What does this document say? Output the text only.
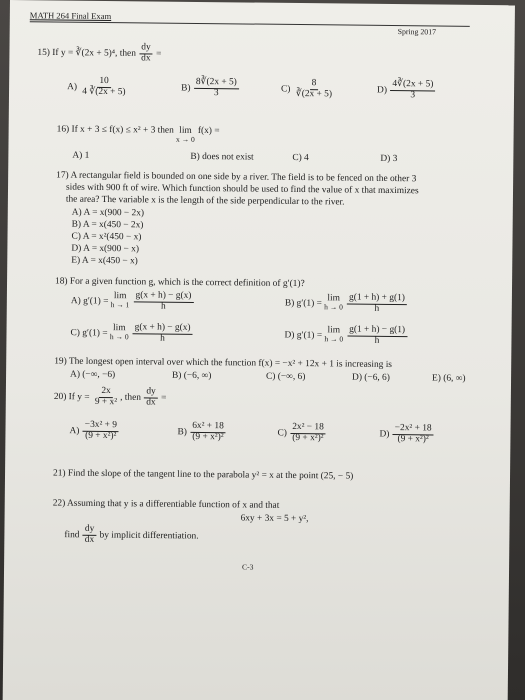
MATH 264 Final Exam
Spring 2017
15) If y = ∛(2x + 5)⁴, then $\frac{dy}{dx}$ =
$A) \frac{10}{4 ∛(2x + 5)}$	$B) \frac{8∛(2x + 5)}{3}$	$C) \frac{8}{∛(2x + 5)}$	$D) \frac{4∛(2x + 5)}{3}$
16) If x + 3 ≤ f(x) ≤ x² + 3 then lim
x → 0
f(x) =
A) 1	B) does not exist	C) 4	D) 3
17) A rectangular field is bounded on one side by a river. The field is to be fenced on the other 3
sides with 900 ft of wire. Which function should be used to find the value of x that maximizes
the area? The variable x is the length of the side perpendicular to the river.
A) A = x(900 − 2x)
B) A = x(450 − 2x)
C) A = x²(450 − x)
D) A = x(900 − x)
E) A = x(450 − x)
18) For a given function g, which is the correct definition of g′(1)?
A) g′(1) =
lim
$h \to 1 \frac{g(x + h) - g(x)}{h}$	B) g′(1) =
lim
$h \to 0 \frac{g(1 + h) + g(1)}{h}$
C) g′(1) =
lim
$h \to 0 \frac{g(x + h) - g(x)}{h}$	D) g′(1) =
lim
$h \to 0 \frac{g(1 + h) - g(1)}{h}$
19) The longest open interval over which the function f(x) = −x² + 12x + 1 is increasing is
A) (−∞, −6)	B) (−6, ∞)	C) (−∞, 6)	D) (−6, 6)	E) (6, ∞)
20) If $y = \frac{2x}{\text{9 + x²}}$ , then $\frac{dy}{dx}$ =
$A) \frac{\text{−3x² + 9}}{\text{(9 + x²)²}}$	$B) \frac{\text{6x² + 18}}{\text{(9 + x²)²}}$	$C) \frac{\text{2x² − 18}}{\text{(9 + x²)²}}$	$D) \frac{\text{−2x² + 18}}{\text{(9 + x²)²}}$
21) Find the slope of the tangent line to the parabola y² = x at the point (25, − 5)
22) Assuming that y is a differentiable function of x and that
6xy + 3x = 5 + y²,
find $\frac{dy}{dx}$ by implicit differentiation.
C-3
